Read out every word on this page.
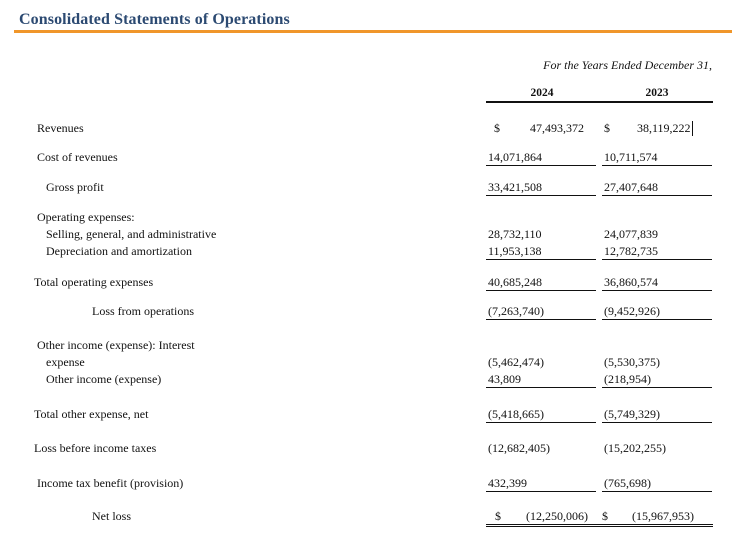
Consolidated Statements of Operations
For the Years Ended December 31,
2024	2023
Revenues	$	47,493,372 $ 38,119,222
Cost of revenues	14,071,864	10,711,574
Gross profit	33,421,508	27,407,648
Operating expenses:
Selling, general, and administrative	28,732,110	24,077,839
Depreciation and amortization	11,953,138	12,782,735
Total operating expenses	40,685,248	36,860,574
Loss from operations	(7,263,740)	(9,452,926)
Other income (expense): Interest
expense	(5,462,474)	(5,530,375)
Other income (expense)	43,809	(218,954)
Total other expense, net	(5,418,665)	(5,749,329)
Loss before income taxes	(12,682,405)	(15,202,255)
Income tax benefit (provision)	432,399	(765,698)
Net loss	$ (12,250,006) $ (15,967,953)
